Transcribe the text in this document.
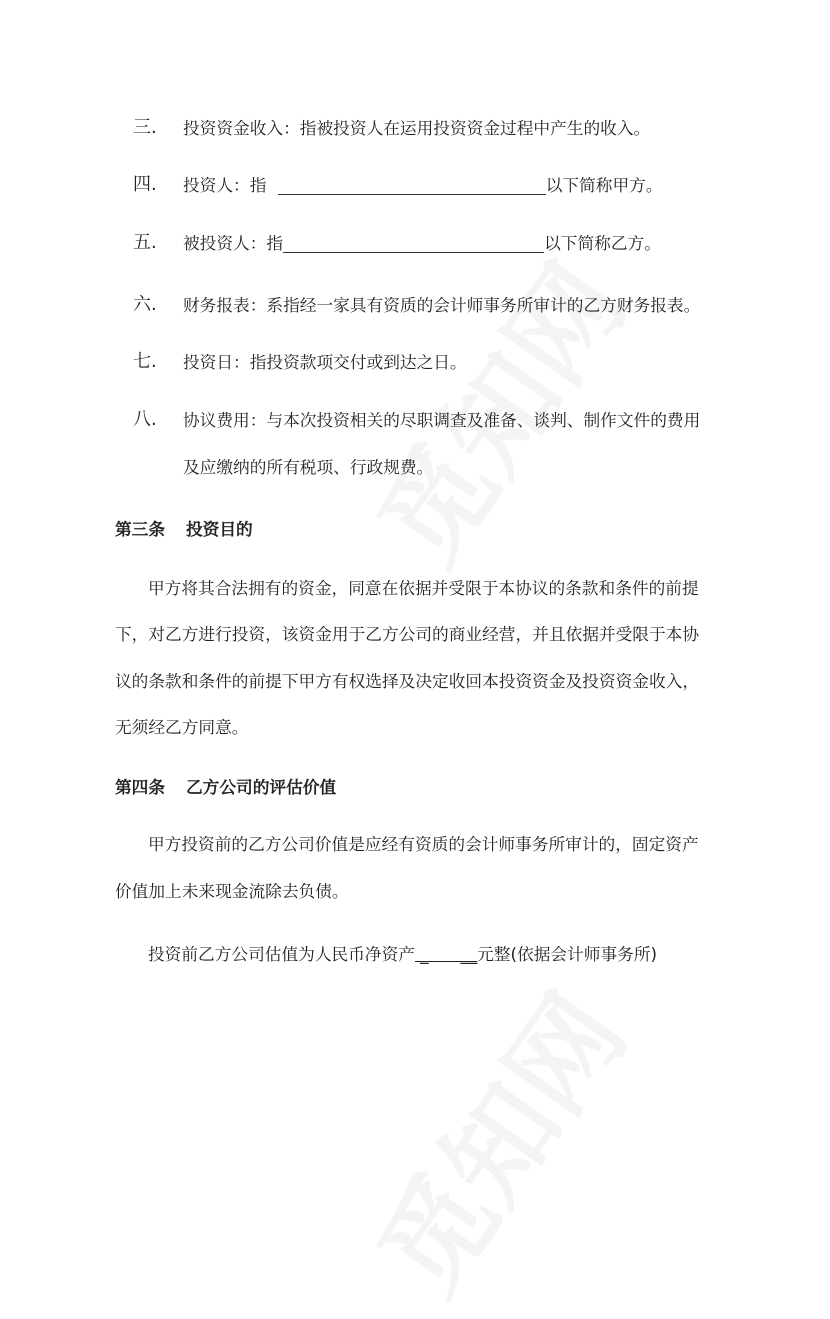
三. 投资资金收入：指被投资人在运用投资资金过程中产生的收入。
四. 投资人：指	以下简称甲方。
五. 被投资人：指	以下简称乙方。
六. 财务报表：系指经一家具有资质的会计师事务所审计的乙方财务报表。
七. 投资日：指投资款项交付或到达之日。
八. 协议费用：与本次投资相关的尽职调查及准备、谈判、制作文件的费用
及应缴纳的所有税项、行政规费。
第三条 投资目的
甲方将其合法拥有的资金，同意在依据并受限于本协议的条款和条件的前提
下，对乙方进行投资，该资金用于乙方公司的商业经营，并且依据并受限于本协
议的条款和条件的前提下甲方有权选择及决定收回本投资资金及投资资金收入，
无须经乙方同意。
第四条 乙方公司的评估价值
甲方投资前的乙方公司价值是应经有资质的会计师事务所审计的，固定资产
价值加上未来现金流除去负债。
投资前乙方公司估值为人民币净资产 _      __元整(依据会计师事务所)
